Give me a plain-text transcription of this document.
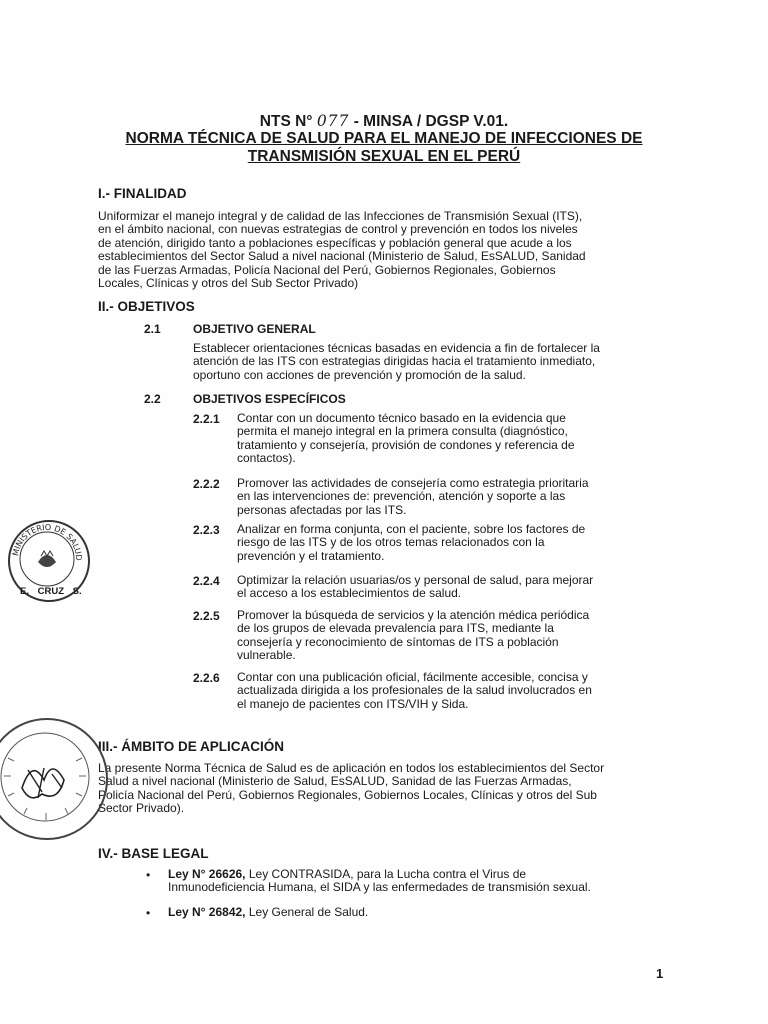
NTS N° 077 - MINSA / DGSP V.01.
NORMA TÉCNICA DE SALUD PARA EL MANEJO DE INFECCIONES DE
TRANSMISIÓN SEXUAL EN EL PERÚ
I.- FINALIDAD
Uniformizar el manejo integral y de calidad de las Infecciones de Transmisión Sexual (ITS),
en el ámbito nacional, con nuevas estrategias de control y prevención en todos los niveles
de atención, dirigido tanto a poblaciones específicas y población general que acude a los
establecimientos del Sector Salud a nivel nacional (Ministerio de Salud, EsSALUD, Sanidad
de las Fuerzas Armadas, Policía Nacional del Perú, Gobiernos Regionales, Gobiernos
Locales, Clínicas y otros del Sub Sector Privado)
II.- OBJETIVOS
2.1	OBJETIVO GENERAL
Establecer orientaciones técnicas basadas en evidencia a fin de fortalecer la
atención de las ITS con estrategias dirigidas hacia el tratamiento inmediato,
oportuno con acciones de prevención y promoción de la salud.
2.2	OBJETIVOS ESPECÍFICOS
2.2.1 Contar con un documento técnico basado en la evidencia que
permita el manejo integral en la primera consulta (diagnóstico,
tratamiento y consejería, provisión de condones y referencia de
contactos).
2.2.2 Promover las actividades de consejería como estrategia prioritaria
en las intervenciones de: prevención, atención y soporte a las
personas afectadas por las ITS.
2.2.3 Analizar en forma conjunta, con el paciente, sobre los factores de
riesgo de las ITS y de los otros temas relacionados con la
prevención y el tratamiento.
2.2.4 Optimizar la relación usuarias/os y personal de salud, para mejorar
el acceso a los establecimientos de salud.
2.2.5 Promover la búsqueda de servicios y la atención médica periódica
de los grupos de elevada prevalencia para ITS, mediante la
consejería y reconocimiento de síntomas de ITS a población
vulnerable.
2.2.6 Contar con una publicación oficial, fácilmente accesible, concisa y
actualizada dirigida a los profesionales de la salud involucrados en
el manejo de pacientes con ITS/VIH y Sida.
III.- ÁMBITO DE APLICACIÓN
La presente Norma Técnica de Salud es de aplicación en todos los establecimientos del Sector
Salud a nivel nacional (Ministerio de Salud, EsSALUD, Sanidad de las Fuerzas Armadas,
Policía Nacional del Perú, Gobiernos Regionales, Gobiernos Locales, Clínicas y otros del Sub
Sector Privado).
IV.- BASE LEGAL
• Ley N° 26626, Ley CONTRASIDA, para la Lucha contra el Virus de
Inmunodeficiencia Humana, el SIDA y las enfermedades de transmisión sexual.
• Ley N° 26842, Ley General de Salud.
MINISTERIO DE SALUD
E. CRUZ S.
1
